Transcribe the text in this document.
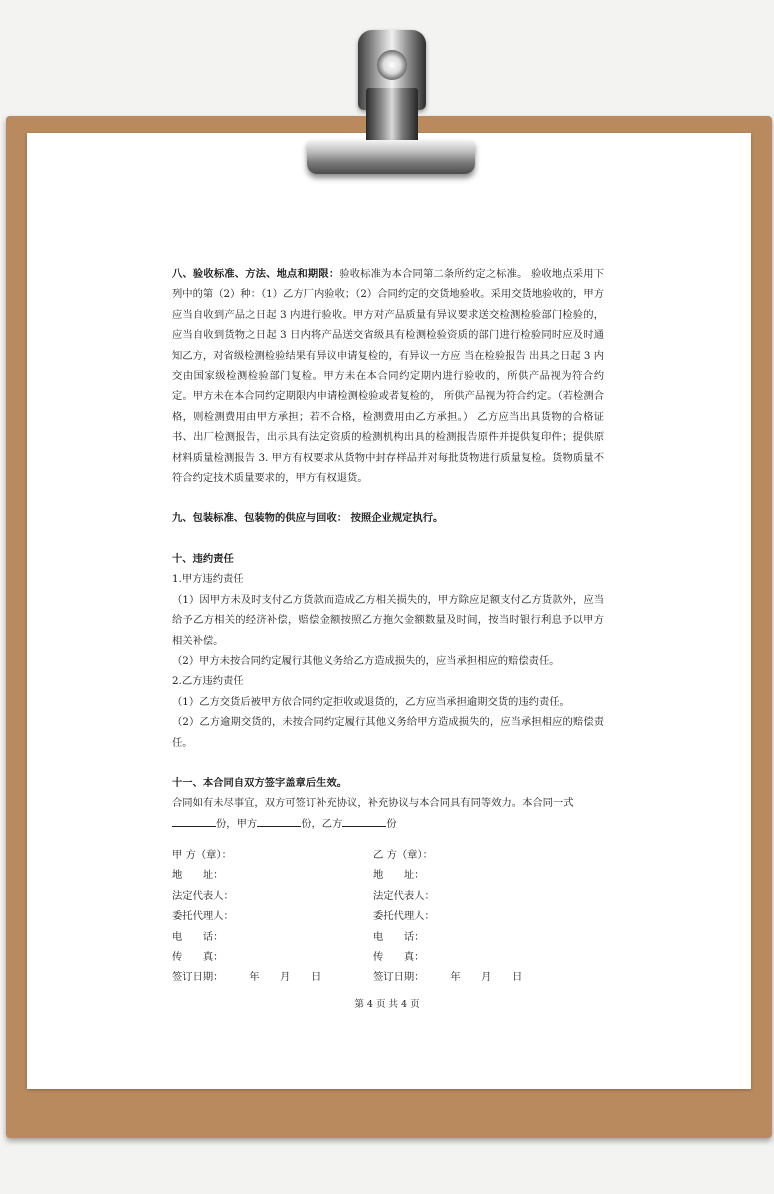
八、验收标准、方法、地点和期限：验收标准为本合同第二条所约定之标准。 验收地点采用下列中的第（2）种：（1）乙方厂内验收；（2）合同约定的交货地验收。采用交货地验收的，甲方应当自收到产品之日起 3 内进行验收。甲方对产品质量有异议要求送交检测检验部门检验的，应当自收到货物之日起 3 日内将产品送交省级具有检测检验资质的部门进行检验同时应及时通知乙方，对省级检测检验结果有异议申请复检的，有异议一方应 当在检验报告 出具之日起 3 内交由国家级检测检验部门复检。甲方未在本合同约定期内进行验收的，所供产品视为符合约定。甲方未在本合同约定期限内申请检测检验或者复检的， 所供产品视为符合约定。（若检测合格，则检测费用由甲方承担；若不合格，检测费用由乙方承担。） 乙方应当出具货物的合格证书、出厂检测报告，出示具有法定资质的检测机构出具的检测报告原件并提供复印件；提供原材料质量检测报告 3. 甲方有权要求从货物中封存样品并对每批货物进行质量复检。货物质量不符合约定技术质量要求的，甲方有权退货。

九、包装标准、包装物的供应与回收： 按照企业规定执行。

十、违约责任

1.甲方违约责任

（1）因甲方未及时支付乙方货款而造成乙方相关损失的，甲方除应足额支付乙方货款外，应当给予乙方相关的经济补偿，赔偿金额按照乙方拖欠金额数量及时间，按当时银行利息予以甲方相关补偿。

（2）甲方未按合同约定履行其他义务给乙方造成损失的，应当承担相应的赔偿责任。

2.乙方违约责任

（1）乙方交货后被甲方依合同约定拒收或退货的，乙方应当承担逾期交货的违约责任。

（2）乙方逾期交货的，未按合同约定履行其他义务给甲方造成损失的，应当承担相应的赔偿责任。

十一、本合同自双方签字盖章后生效。

合同如有未尽事宜，双方可签订补充协议，补充协议与本合同具有同等效力。本合同一式

份，甲方	份，乙方	份

甲 方（章）：	乙 方（章）：
地　　址：	地　　址：
法定代表人：	法定代表人：
委托代理人：	委托代理人：
电　　话：	电　　话：
传　　真：	传　　真：
签订日期：　　　年　　月　　日	签订日期：　　　年　　月　　日
第 4 页 共 4 页
